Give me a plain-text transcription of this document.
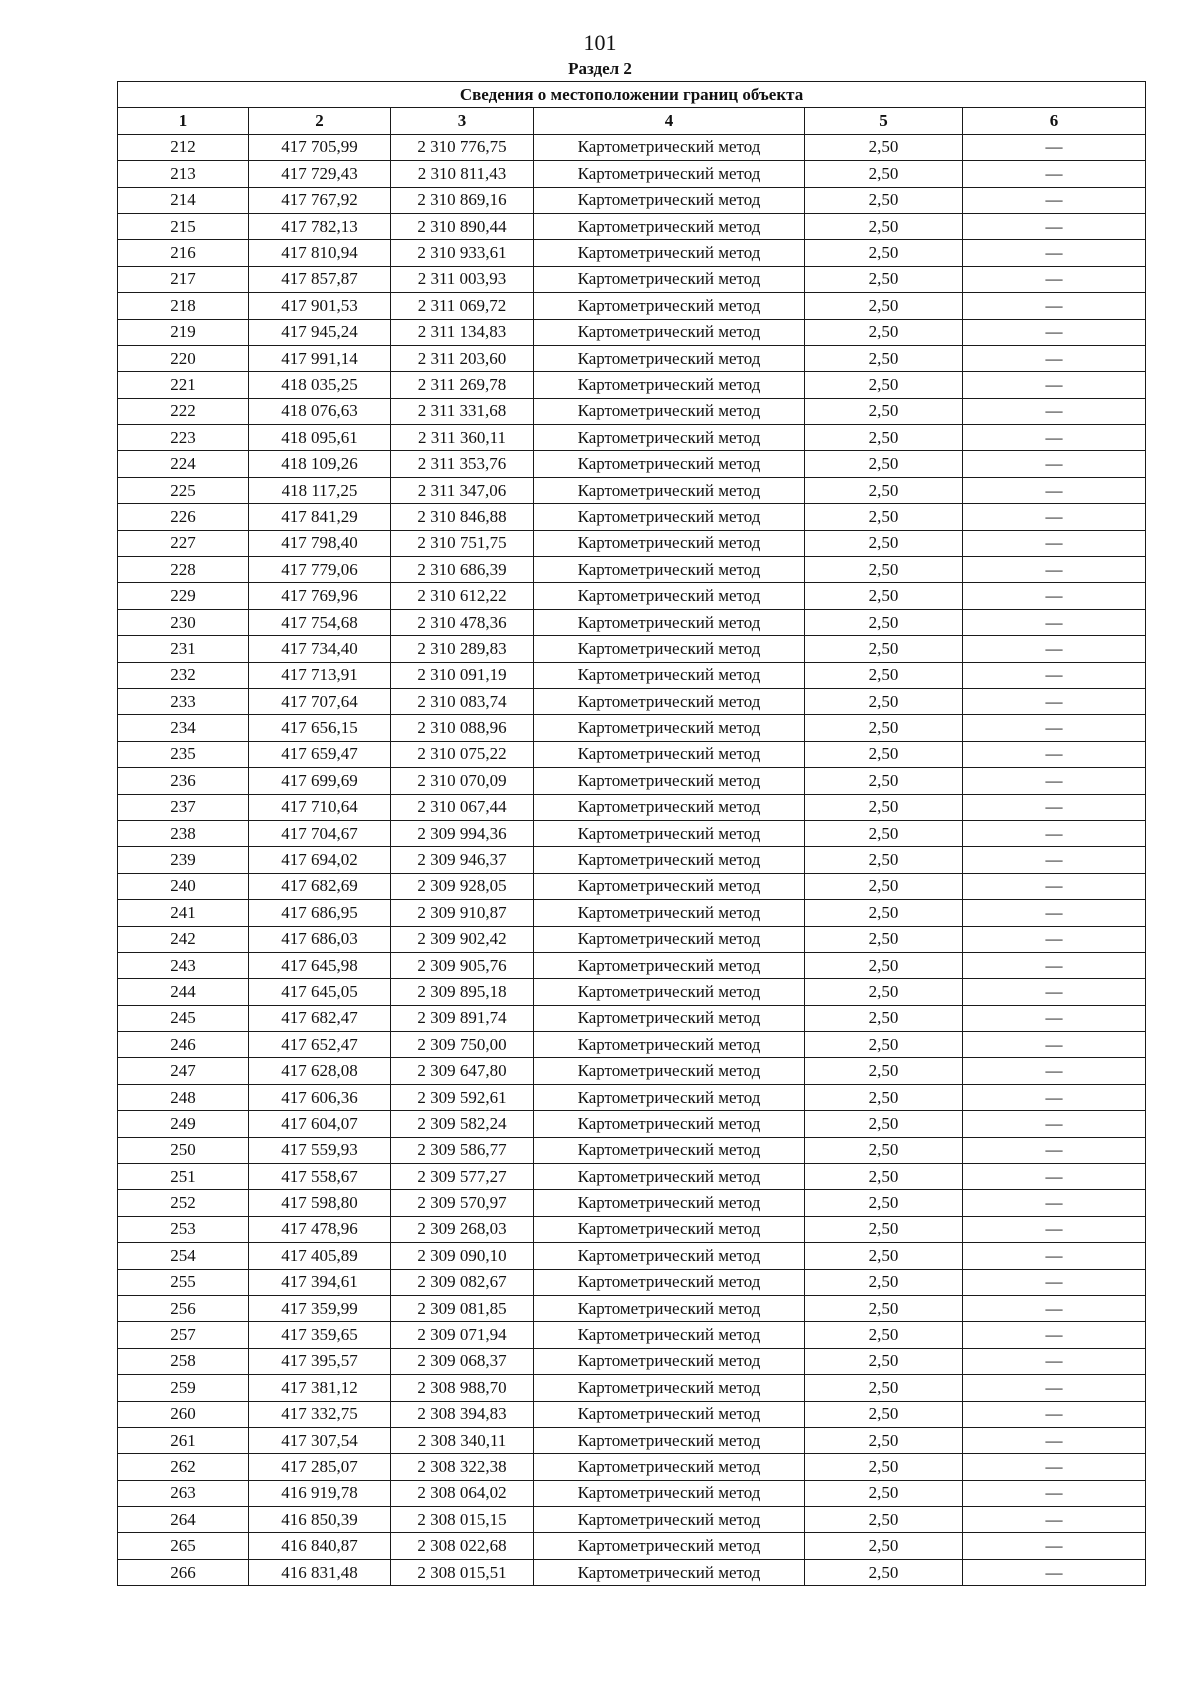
101
Раздел 2
Сведения о местоположении границ объекта					
1	2	3	4	5	6
212	417 705,99	2 310 776,75	Картометрический метод	2,50	—
213	417 729,43	2 310 811,43	Картометрический метод	2,50	—
214	417 767,92	2 310 869,16	Картометрический метод	2,50	—
215	417 782,13	2 310 890,44	Картометрический метод	2,50	—
216	417 810,94	2 310 933,61	Картометрический метод	2,50	—
217	417 857,87	2 311 003,93	Картометрический метод	2,50	—
218	417 901,53	2 311 069,72	Картометрический метод	2,50	—
219	417 945,24	2 311 134,83	Картометрический метод	2,50	—
220	417 991,14	2 311 203,60	Картометрический метод	2,50	—
221	418 035,25	2 311 269,78	Картометрический метод	2,50	—
222	418 076,63	2 311 331,68	Картометрический метод	2,50	—
223	418 095,61	2 311 360,11	Картометрический метод	2,50	—
224	418 109,26	2 311 353,76	Картометрический метод	2,50	—
225	418 117,25	2 311 347,06	Картометрический метод	2,50	—
226	417 841,29	2 310 846,88	Картометрический метод	2,50	—
227	417 798,40	2 310 751,75	Картометрический метод	2,50	—
228	417 779,06	2 310 686,39	Картометрический метод	2,50	—
229	417 769,96	2 310 612,22	Картометрический метод	2,50	—
230	417 754,68	2 310 478,36	Картометрический метод	2,50	—
231	417 734,40	2 310 289,83	Картометрический метод	2,50	—
232	417 713,91	2 310 091,19	Картометрический метод	2,50	—
233	417 707,64	2 310 083,74	Картометрический метод	2,50	—
234	417 656,15	2 310 088,96	Картометрический метод	2,50	—
235	417 659,47	2 310 075,22	Картометрический метод	2,50	—
236	417 699,69	2 310 070,09	Картометрический метод	2,50	—
237	417 710,64	2 310 067,44	Картометрический метод	2,50	—
238	417 704,67	2 309 994,36	Картометрический метод	2,50	—
239	417 694,02	2 309 946,37	Картометрический метод	2,50	—
240	417 682,69	2 309 928,05	Картометрический метод	2,50	—
241	417 686,95	2 309 910,87	Картометрический метод	2,50	—
242	417 686,03	2 309 902,42	Картометрический метод	2,50	—
243	417 645,98	2 309 905,76	Картометрический метод	2,50	—
244	417 645,05	2 309 895,18	Картометрический метод	2,50	—
245	417 682,47	2 309 891,74	Картометрический метод	2,50	—
246	417 652,47	2 309 750,00	Картометрический метод	2,50	—
247	417 628,08	2 309 647,80	Картометрический метод	2,50	—
248	417 606,36	2 309 592,61	Картометрический метод	2,50	—
249	417 604,07	2 309 582,24	Картометрический метод	2,50	—
250	417 559,93	2 309 586,77	Картометрический метод	2,50	—
251	417 558,67	2 309 577,27	Картометрический метод	2,50	—
252	417 598,80	2 309 570,97	Картометрический метод	2,50	—
253	417 478,96	2 309 268,03	Картометрический метод	2,50	—
254	417 405,89	2 309 090,10	Картометрический метод	2,50	—
255	417 394,61	2 309 082,67	Картометрический метод	2,50	—
256	417 359,99	2 309 081,85	Картометрический метод	2,50	—
257	417 359,65	2 309 071,94	Картометрический метод	2,50	—
258	417 395,57	2 309 068,37	Картометрический метод	2,50	—
259	417 381,12	2 308 988,70	Картометрический метод	2,50	—
260	417 332,75	2 308 394,83	Картометрический метод	2,50	—
261	417 307,54	2 308 340,11	Картометрический метод	2,50	—
262	417 285,07	2 308 322,38	Картометрический метод	2,50	—
263	416 919,78	2 308 064,02	Картометрический метод	2,50	—
264	416 850,39	2 308 015,15	Картометрический метод	2,50	—
265	416 840,87	2 308 022,68	Картометрический метод	2,50	—
266	416 831,48	2 308 015,51	Картометрический метод	2,50	—
